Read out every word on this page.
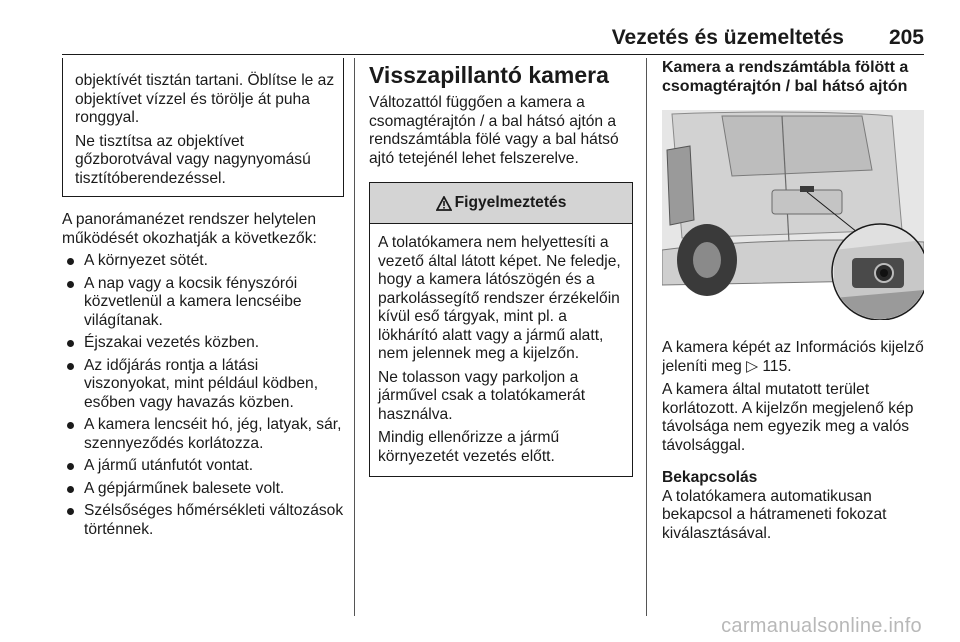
Vezetés és üzemeltetés 205

objektívét tisztán tartani. Öblítse le az objektívet vízzel és törölje át puha ronggyal.

Ne tisztítsa az objektívet gőzborotvával vagy nagynyomású tisztítóberendezéssel.

A panorámanézet rendszer helytelen működését okozhatják a következők:

A környezet sötét.
A nap vagy a kocsik fényszórói közvetlenül a kamera lencséibe világítanak.
Éjszakai vezetés közben.
Az időjárás rontja a látási viszonyokat, mint például ködben, esőben vagy havazás közben.
A kamera lencséit hó, jég, latyak, sár, szennyeződés korlátozza.
A jármű utánfutót vontat.
A gépjárműnek balesete volt.
Szélsőséges hőmérsékleti változások történnek.
Visszapillantó kamera

Változattól függően a kamera a csomagtérajtón / a bal hátsó ajtón a rendszámtábla fölé vagy a bal hátsó ajtó tetejénél lehet felszerelve.

Figyelmeztetés

A tolatókamera nem helyettesíti a vezető által látott képet. Ne feledje, hogy a kamera látószögén és a parkolássegítő rendszer érzékelőin kívül eső tárgyak, mint pl. a lökhárító alatt vagy a jármű alatt, nem jelennek meg a kijelzőn.

Ne tolasson vagy parkoljon a járművel csak a tolatókamerát használva.

Mindig ellenőrizze a jármű környezetét vezetés előtt.

Kamera a rendszámtábla fölött a csomagtérajtón / bal hátsó ajtón

A kamera képét az Információs kijelző jeleníti meg ▷ 115.

A kamera által mutatott terület korlátozott. A kijelzőn megjelenő kép távolsága nem egyezik meg a valós távolsággal.

Bekapcsolás

A tolatókamera automatikusan bekapcsol a hátrameneti fokozat kiválasztásával.

carmanualsonline.info
